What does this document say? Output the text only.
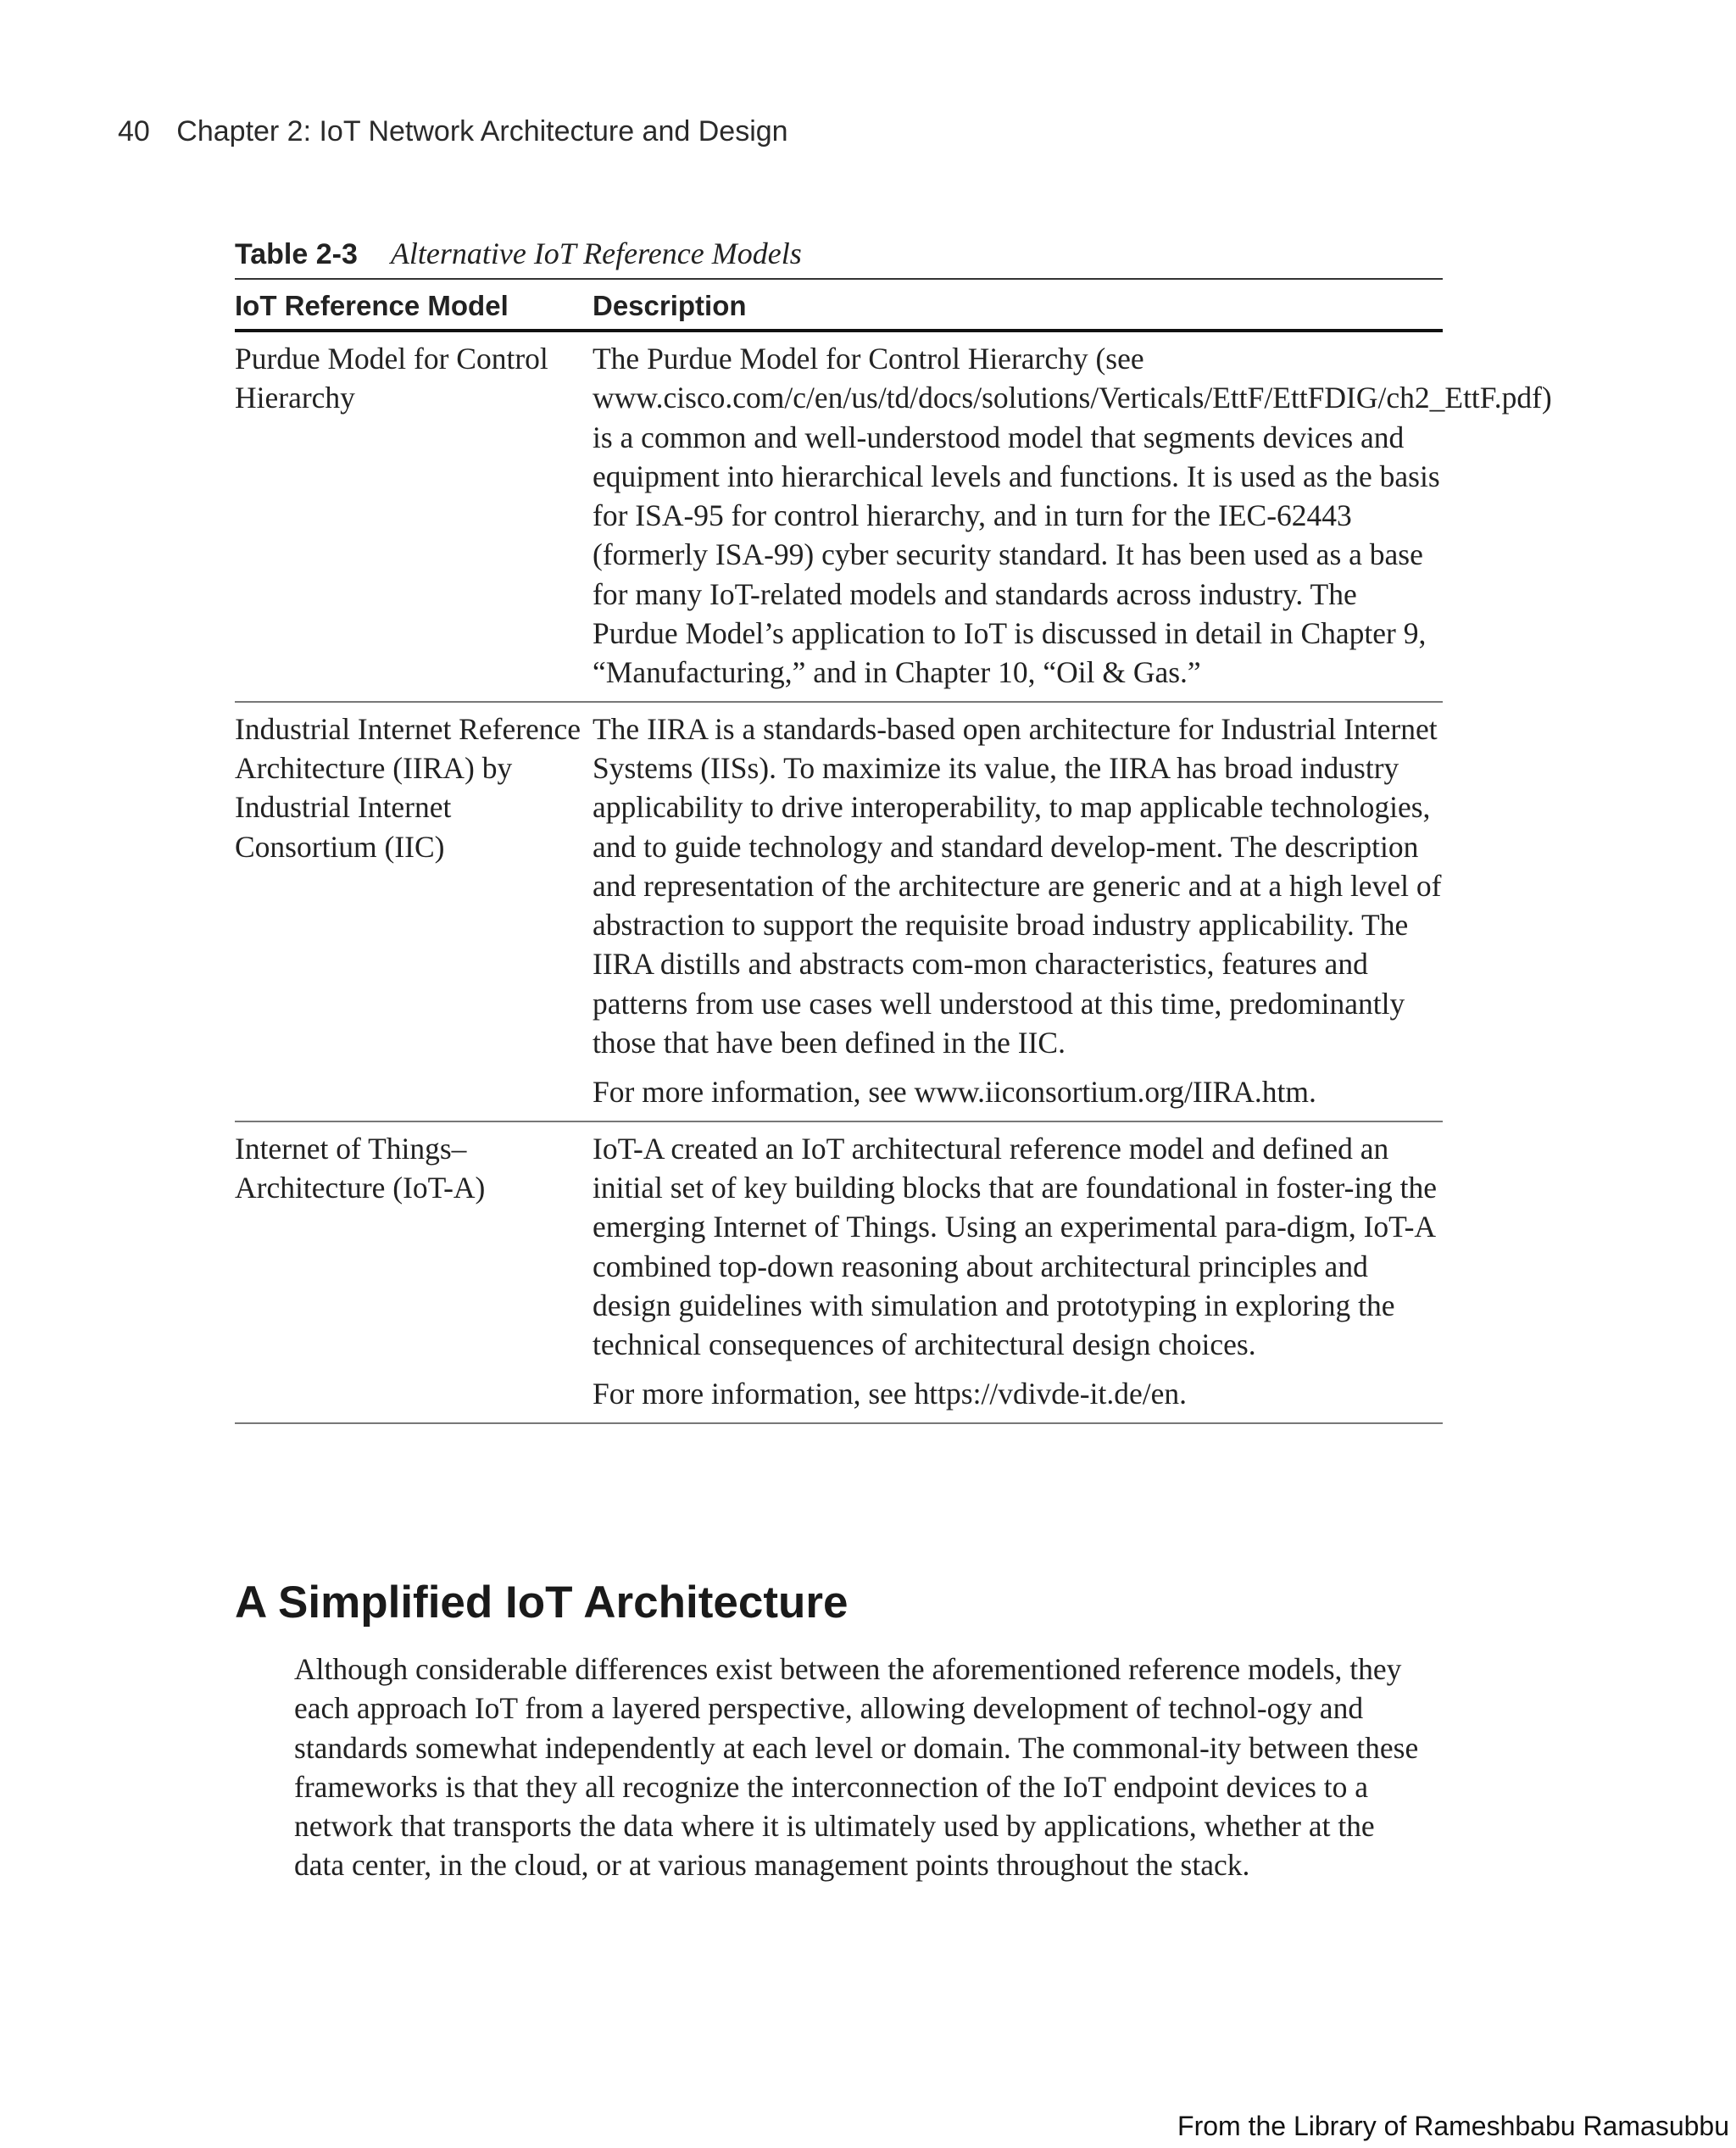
40 Chapter 2: IoT Network Architecture and Design
Table 2-3 Alternative IoT Reference Models
IoT Reference Model	Description
Purdue Model for Control Hierarchy	The Purdue Model for Control Hierarchy (see www.cisco.com/c/en/us/td/docs/solutions/Verticals/EttF/EttFDIG/ch2_EttF.pdf) is a common and well-understood model that segments devices and equipment into hierarchical levels and functions. It is used as the basis for ISA-95 for control hierarchy, and in turn for the IEC-62443 (formerly ISA-99) cyber security standard. It has been used as a base for many IoT-related models and standards across industry. The Purdue Model’s application to IoT is discussed in detail in Chapter 9, “Manufacturing,” and in Chapter 10, “Oil & Gas.”

Industrial Internet Reference Architecture (IIRA) by Industrial Internet Consortium (IIC)	The IIRA is a standards-based open architecture for Industrial Internet Systems (IISs). To maximize its value, the IIRA has broad industry applicability to drive interoperability, to map applicable technologies, and to guide technology and standard develop-ment. The description and representation of the architecture are generic and at a high level of abstraction to support the requisite broad industry applicability. The IIRA distills and abstracts com-mon characteristics, features and patterns from use cases well understood at this time, predominantly those that have been defined in the IIC.

For more information, see www.iiconsortium.org/IIRA.htm.

Internet of Things–Architecture (IoT-A)	IoT-A created an IoT architectural reference model and defined an initial set of key building blocks that are foundational in foster-ing the emerging Internet of Things. Using an experimental para-digm, IoT-A combined top-down reasoning about architectural principles and design guidelines with simulation and prototyping in exploring the technical consequences of architectural design choices.

For more information, see https://vdivde-it.de/en.

A Simplified IoT Architecture

Although considerable differences exist between the aforementioned reference models, they each approach IoT from a layered perspective, allowing development of technol-ogy and standards somewhat independently at each level or domain. The commonal-ity between these frameworks is that they all recognize the interconnection of the IoT endpoint devices to a network that transports the data where it is ultimately used by applications, whether at the data center, in the cloud, or at various management points throughout the stack.

From the Library of Rameshbabu Ramasubbu
